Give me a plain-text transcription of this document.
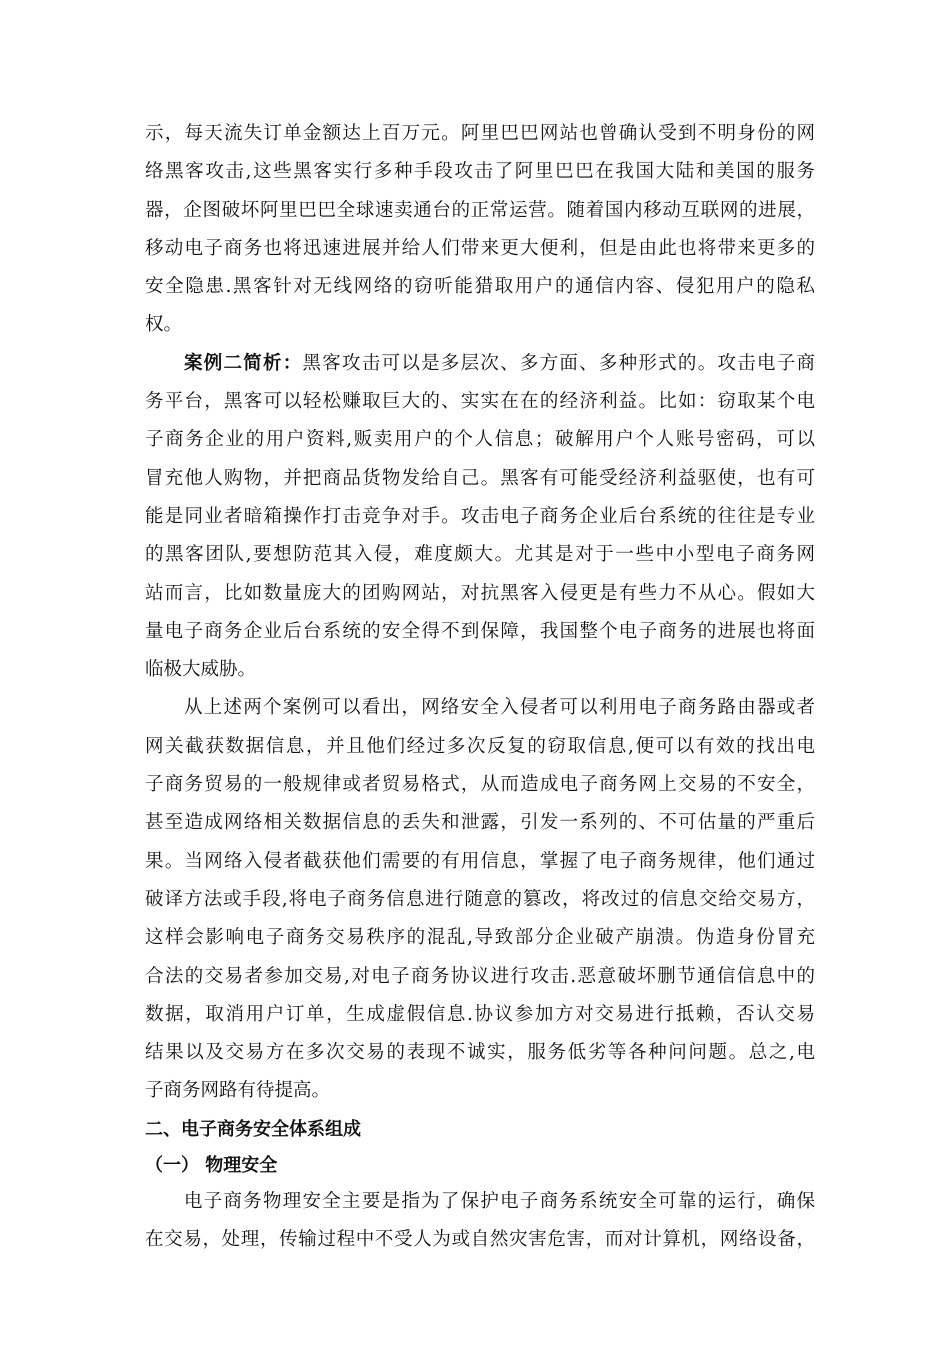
示，每天流失订单金额达上百万元。阿里巴巴网站也曾确认受到不明身份的网
络黑客攻击,这些黑客实行多种手段攻击了阿里巴巴在我国大陆和美国的服务
器，企图破坏阿里巴巴全球速卖通台的正常运营。随着国内移动互联网的进展，
移动电子商务也将迅速进展并给人们带来更大便利，但是由此也将带来更多的
安全隐患.黑客针对无线网络的窃听能猎取用户的通信内容、侵犯用户的隐私
权。
案例二简析：黑客攻击可以是多层次、多方面、多种形式的。攻击电子商
务平台，黑客可以轻松赚取巨大的、实实在在的经济利益。比如：窃取某个电
子商务企业的用户资料,贩卖用户的个人信息；破解用户个人账号密码，可以
冒充他人购物，并把商品货物发给自己。黑客有可能受经济利益驱使，也有可
能是同业者暗箱操作打击竞争对手。攻击电子商务企业后台系统的往往是专业
的黑客团队,要想防范其入侵，难度颇大。尤其是对于一些中小型电子商务网
站而言，比如数量庞大的团购网站，对抗黑客入侵更是有些力不从心。假如大
量电子商务企业后台系统的安全得不到保障，我国整个电子商务的进展也将面
临极大威胁。
从上述两个案例可以看出，网络安全入侵者可以利用电子商务路由器或者
网关截获数据信息，并且他们经过多次反复的窃取信息,便可以有效的找出电
子商务贸易的一般规律或者贸易格式，从而造成电子商务网上交易的不安全，
甚至造成网络相关数据信息的丢失和泄露，引发一系列的、不可估量的严重后
果。当网络入侵者截获他们需要的有用信息，掌握了电子商务规律，他们通过
破译方法或手段,将电子商务信息进行随意的篡改，将改过的信息交给交易方，
这样会影响电子商务交易秩序的混乱,导致部分企业破产崩溃。伪造身份冒充
合法的交易者参加交易,对电子商务协议进行攻击.恶意破坏删节通信信息中的
数据，取消用户订单，生成虚假信息.协议参加方对交易进行抵赖，否认交易
结果以及交易方在多次交易的表现不诚实，服务低劣等各种问问题。总之,电
子商务网路有待提高。
二、电子商务安全体系组成
（一） 物理安全
电子商务物理安全主要是指为了保护电子商务系统安全可靠的运行，确保
在交易，处理，传输过程中不受人为或自然灾害危害，而对计算机，网络设备，
